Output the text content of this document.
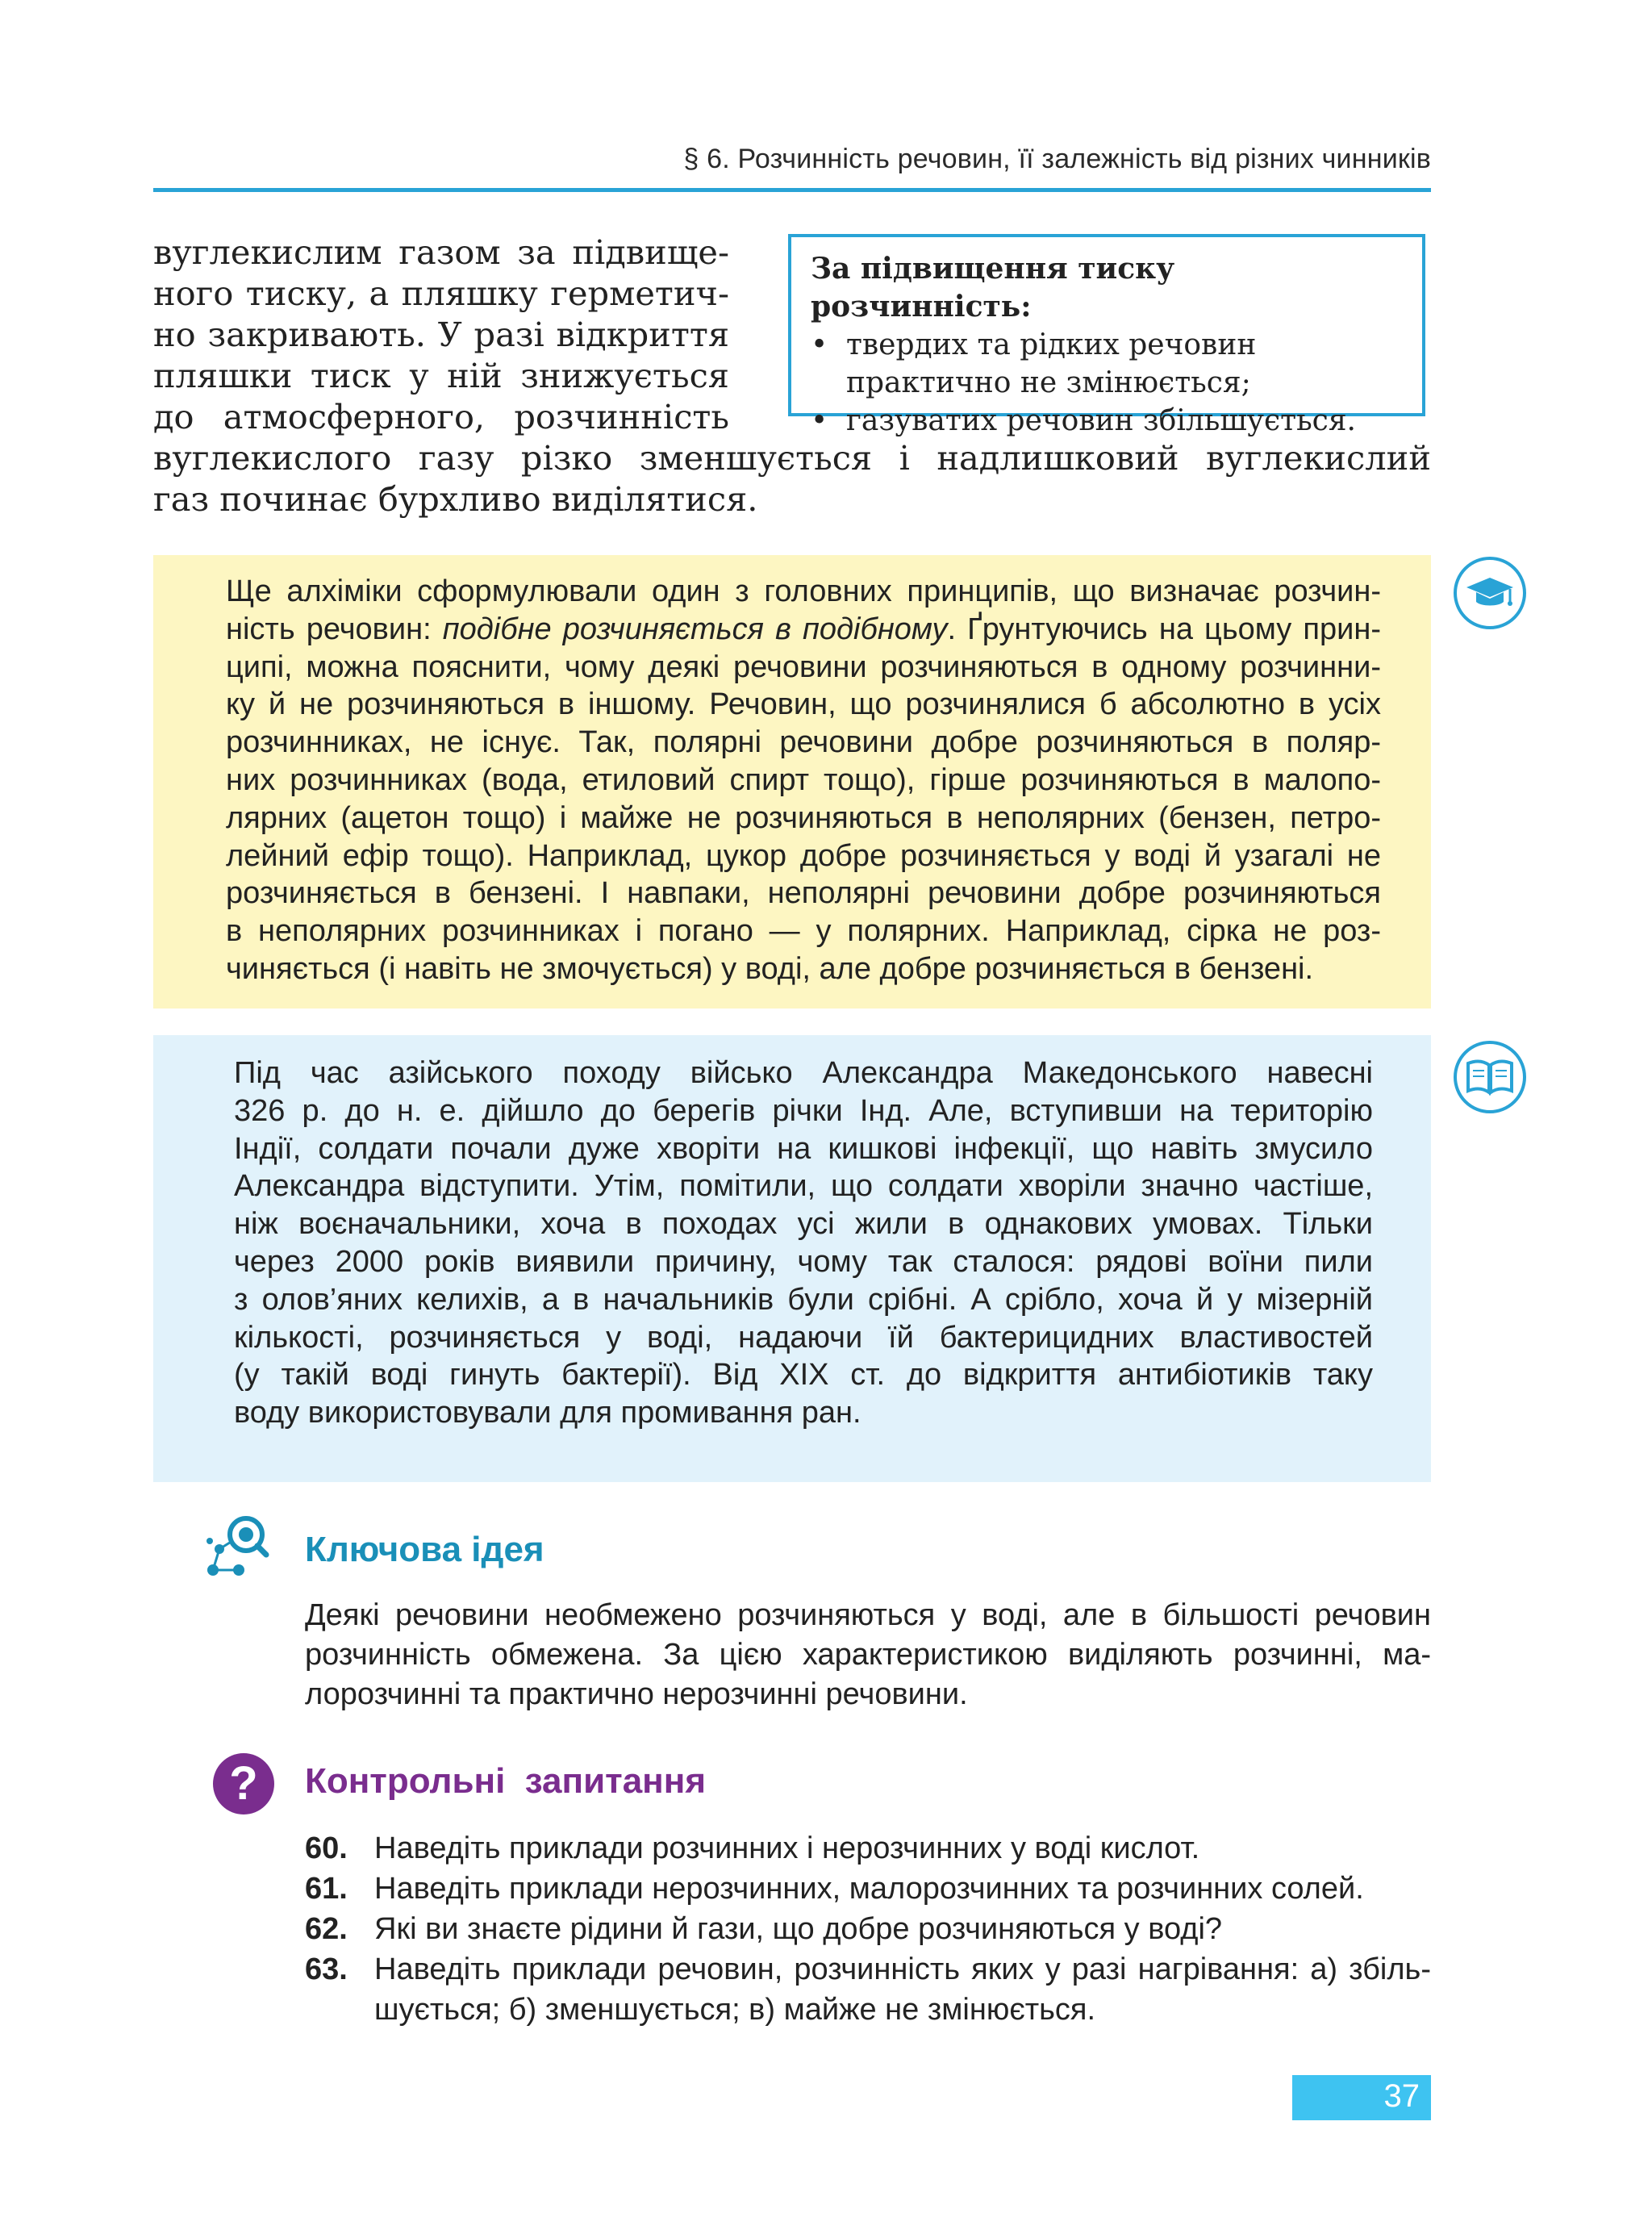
§ 6. Розчинність речовин, її залежність від різних чинників
вуглекислим газом за підвище-
ного тиску, а пляшку герметич-
но закривають. У разі відкриття
пляшки тиск у ній знижується
до атмосферного, розчинність
вуглекислого газу різко зменшується і надлишковий вуглекислий
газ починає бурхливо виділятися.
За підвищення тиску розчинність:
• твердих та рідких речовин практично не змінюється;
• газуватих речовин збільшується.
Ще алхіміки сформулювали один з головних принципів, що визначає розчин-
ність речовин: подібне розчиняється в подібному. Ґрунтуючись на цьому прин-
ципі, можна пояснити, чому деякі речовини розчиняються в одному розчинни-
ку й не розчиняються в іншому. Речовин, що розчинялися б абсолютно в усіх
розчинниках, не існує. Так, полярні речовини добре розчиняються в поляр-
них розчинниках (вода, етиловий спирт тощо), гірше розчиняються в малопо-
лярних (ацетон тощо) і майже не розчиняються в неполярних (бензен, петро-
лейний ефір тощо). Наприклад, цукор добре розчиняється у воді й узагалі не
розчиняється в бензені. І навпаки, неполярні речовини добре розчиняються
в неполярних розчинниках і погано — у полярних. Наприклад, сірка не роз-
чиняється (і навіть не змочується) у воді, але добре розчиняється в бензені.
Під час азійського походу військо Александра Македонського навесні
326 р. до н. е. дійшло до берегів річки Інд. Але, вступивши на територію
Індії, солдати почали дуже хворіти на кишкові інфекції, що навіть змусило
Александра відступити. Утім, помітили, що солдати хворіли значно частіше,
ніж воєначальники, хоча в походах усі жили в однакових умовах. Тільки
через 2000 років виявили причину, чому так сталося: рядові воїни пили
з олов’яних келихів, а в начальників були срібні. А срібло, хоча й у мізерній
кількості, розчиняється у воді, надаючи їй бактерицидних властивостей
(у такій воді гинуть бактерії). Від XIX ст. до відкриття антибіотиків таку
воду використовували для промивання ран.
Ключова ідея
Деякі речовини необмежено розчиняються у воді, але в більшості речовин
розчинність обмежена. За цією характеристикою виділяють розчинні, ма-
лорозчинні та практично нерозчинні речовини.
?	Контрольні  запитання
60. Наведіть приклади розчинних і нерозчинних у воді кислот.
61. Наведіть приклади нерозчинних, малорозчинних та розчинних солей.
62. Які ви знаєте рідини й гази, що добре розчиняються у воді?
63. Наведіть приклади речовин, розчинність яких у разі нагрівання: а) збіль-
шується; б) зменшується; в) майже не змінюється.
37
